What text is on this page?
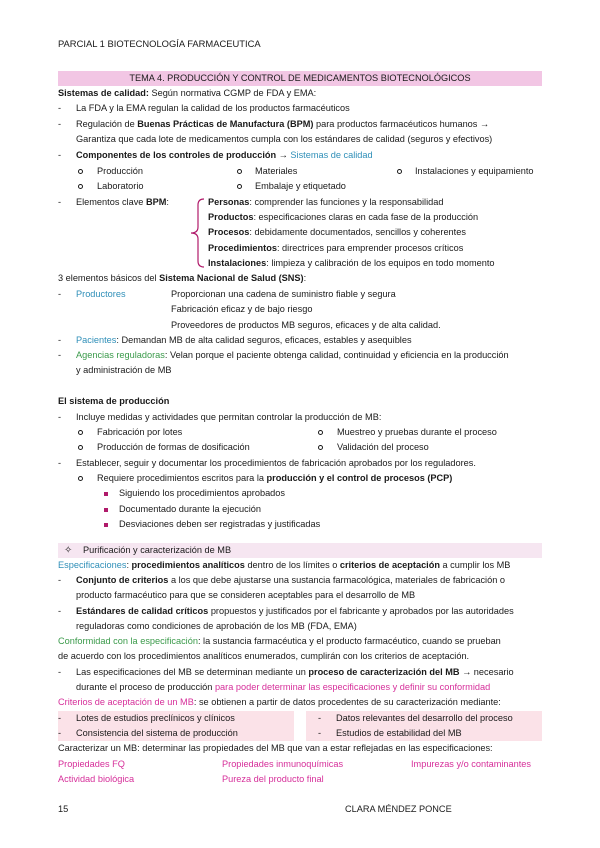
PARCIAL 1 BIOTECNOLOGÍA FARMACEUTICA
TEMA 4. PRODUCCIÓN Y CONTROL DE MEDICAMENTOS BIOTECNOLÓGICOS
Sistemas de calidad: Según normativa CGMP de FDA y EMA:
- La FDA y la EMA regulan la calidad de los productos farmacéuticos
- Regulación de Buenas Prácticas de Manufactura (BPM) para productos farmacéuticos humanos →
Garantiza que cada lote de medicamentos cumpla con los estándares de calidad (seguros y efectivos)
- Componentes de los controles de producción → Sistemas de calidad
Producción	Materiales	Instalaciones y equipamiento
Laboratorio	Embalaje y etiquetado
- Elementos clave BPM:	Personas: comprender las funciones y la responsabilidad
Productos: especificaciones claras en cada fase de la producción
Procesos: debidamente documentados, sencillos y coherentes
Procedimientos: directrices para emprender procesos críticos
Instalaciones: limpieza y calibración de los equipos en todo momento
3 elementos básicos del Sistema Nacional de Salud (SNS):
- Productores	Proporcionan una cadena de suministro fiable y segura
Fabricación eficaz y de bajo riesgo
Proveedores de productos MB seguros, eficaces y de alta calidad.
- Pacientes: Demandan MB de alta calidad seguros, eficaces, estables y asequibles
- Agencias reguladoras: Velan porque el paciente obtenga calidad, continuidad y eficiencia en la producción
y administración de MB
El sistema de producción
- Incluye medidas y actividades que permitan controlar la producción de MB:
Fabricación por lotes	Muestreo y pruebas durante el proceso
Producción de formas de dosificación	Validación del proceso
- Establecer, seguir y documentar los procedimientos de fabricación aprobados por los reguladores.
Requiere procedimientos escritos para la producción y el control de procesos (PCP)
Siguiendo los procedimientos aprobados
Documentado durante la ejecución
Desviaciones deben ser registradas y justificadas
✧ Purificación y caracterización de MB
Especificaciones: procedimientos analíticos dentro de los límites o criterios de aceptación a cumplir los MB
- Conjunto de criterios a los que debe ajustarse una sustancia farmacológica, materiales de fabricación o
producto farmacéutico para que se consideren aceptables para el desarrollo de MB
- Estándares de calidad críticos propuestos y justificados por el fabricante y aprobados por las autoridades
reguladoras como condiciones de aprobación de los MB (FDA, EMA)
Conformidad con la especificación: la sustancia farmacéutica y el producto farmacéutico, cuando se prueban
de acuerdo con los procedimientos analíticos enumerados, cumplirán con los criterios de aceptación.
- Las especificaciones del MB se determinan mediante un proceso de caracterización del MB → necesario
durante el proceso de producción para poder determinar las especificaciones y definir su conformidad
Criterios de aceptación de un MB: se obtienen a partir de datos procedentes de su caracterización mediante:
- Lotes de estudios preclínicos y clínicos	- Datos relevantes del desarrollo del proceso
- Consistencia del sistema de producción	- Estudios de estabilidad del MB
Caracterizar un MB: determinar las propiedades del MB que van a estar reflejadas en las especificaciones:
Propiedades FQ	Propiedades inmunoquímicas	Impurezas y/o contaminantes
Actividad biológica	Pureza del producto final
15	CLARA MÉNDEZ PONCE
